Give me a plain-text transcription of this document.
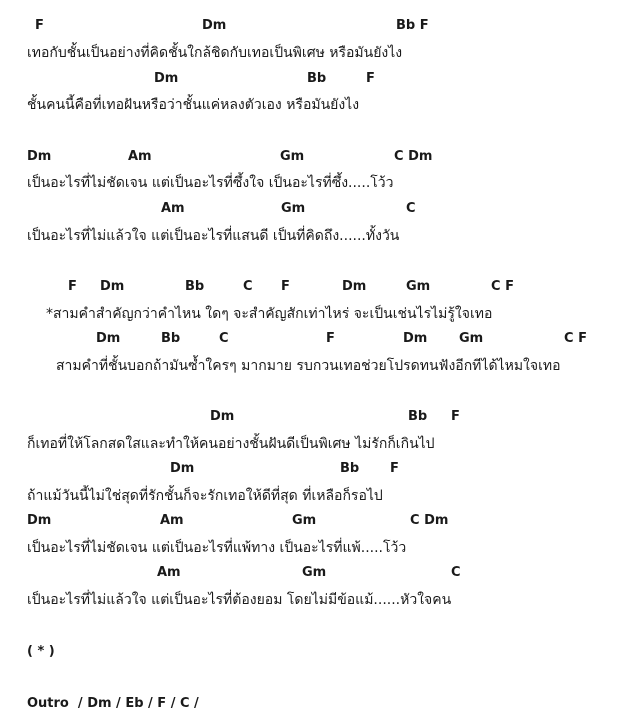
F

	Dm

	Bb F

เทอกับชั้นเป็นอย่างที่คิดชั้นใกล้ชิดกับเทอเป็นพิเศษ หรือมันยังไง

Dm

	Bb

	F

ชั้นคนนี้คือที่เทอฝันหรือว่าชั้นแค่หลงตัวเอง หรือมันยังไง

Dm

	Am

	Gm

	C Dm

เป็นอะไรที่ไม่ชัดเจน แต่เป็นอะไรที่ซึ้งใจ เป็นอะไรที่ซึ้ง.....โว้ว

Am

	Gm

	C

เป็นอะไรที่ไม่แล้วใจ แต่เป็นอะไรที่แสนดี เป็นที่คิดถึง......ทั้งวัน

F

Dm

	Bb

	C

F

	Dm

	Gm

	C F

*สามคำสำคัญกว่าคำไหน ใดๆ จะสำคัญสักเท่าไหร่ จะเป็นเช่นไรไม่รู้ใจเทอ

Dm

	Bb

	C

	F

	Dm

Gm

	C F

สามคำที่ชั้นบอกถ้ามันซ้ำใครๆ มากมาย รบกวนเทอช่วยโปรดทนฟังอีกทีได้ไหมใจเทอ

Dm

	Bb

F

ก็เทอที่ให้โลกสดใสและทำให้คนอย่างชั้นฝันดีเป็นพิเศษ ไม่รักก็เกินไป

Dm

	Bb

F

ถ้าแม้วันนี้ไม่ใช่สุดที่รักชั้นก็จะรักเทอให้ดีที่สุด ที่เหลือก็รอไป

Dm

	Am

	Gm

	C Dm

เป็นอะไรที่ไม่ชัดเจน แต่เป็นอะไรที่แพ้ทาง เป็นอะไรที่แพ้.....โว้ว

Am

	Gm

	C

เป็นอะไรที่ไม่แล้วใจ แต่เป็นอะไรที่ต้องยอม โดยไม่มีข้อแม้......หัวใจคน
( * )
Outro  / Dm / Eb / F / C /
